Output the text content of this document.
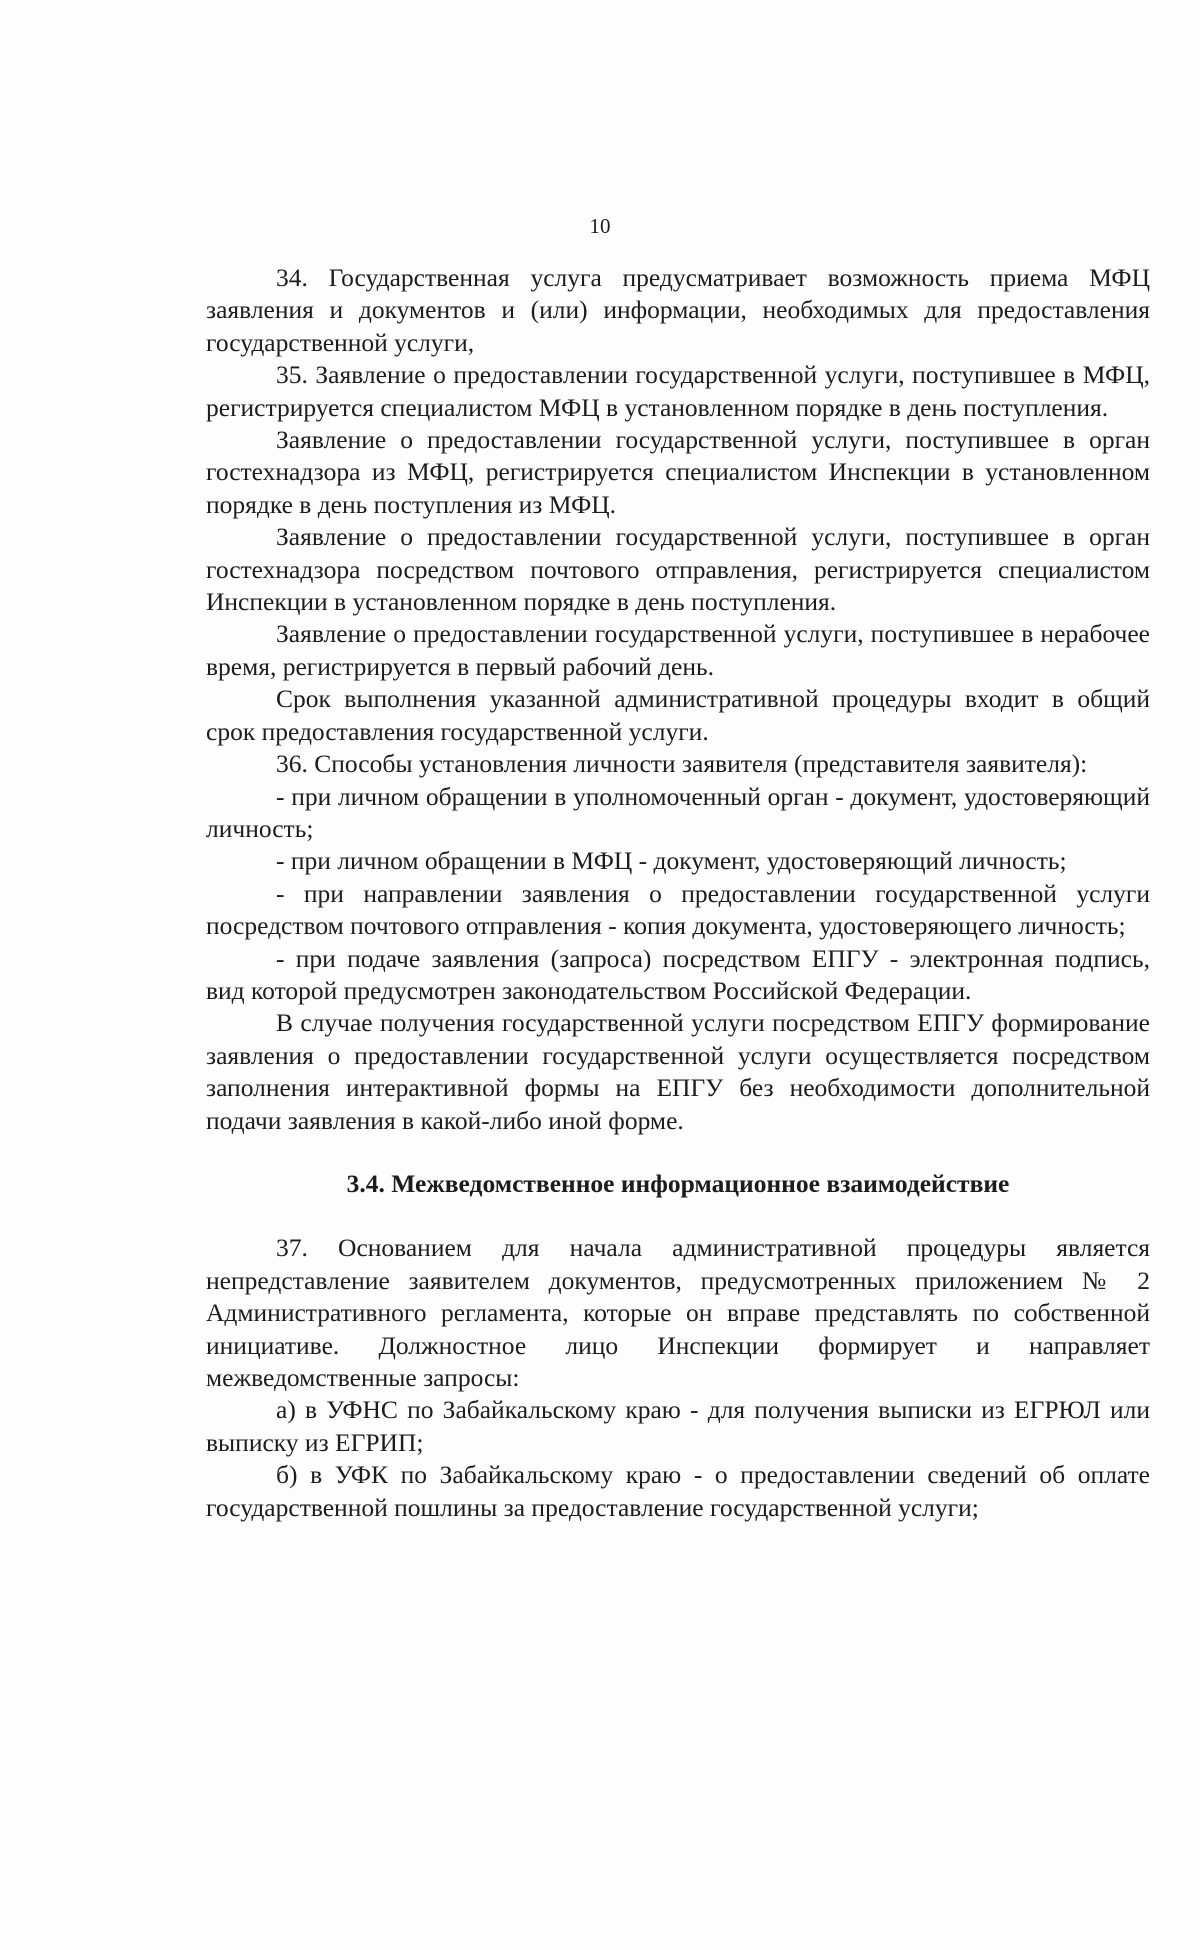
10

34. Государственная услуга предусматривает возможность приема МФЦ заявления и документов и (или) информации, необходимых для предоставления государственной услуги,

35. Заявление о предоставлении государственной услуги, поступившее в МФЦ, регистрируется специалистом МФЦ в установленном порядке в день поступления.

Заявление о предоставлении государственной услуги, поступившее в орган гостехнадзора из МФЦ, регистрируется специалистом Инспекции в установленном порядке в день поступления из МФЦ.

Заявление о предоставлении государственной услуги, поступившее в орган гостехнадзора посредством почтового отправления, регистрируется специалистом Инспекции в установленном порядке в день поступления.

Заявление о предоставлении государственной услуги, поступившее в нерабочее время, регистрируется в первый рабочий день.

Срок выполнения указанной административной процедуры входит в общий срок предоставления государственной услуги.

36. Способы установления личности заявителя (представителя заявителя):

- при личном обращении в уполномоченный орган - документ, удостоверяющий личность;

- при личном обращении в МФЦ - документ, удостоверяющий личность;

- при направлении заявления о предоставлении государственной услуги посредством почтового отправления - копия документа, удостоверяющего личность;

- при подаче заявления (запроса) посредством ЕПГУ - электронная подпись, вид которой предусмотрен законодательством Российской Федерации.

В случае получения государственной услуги посредством ЕПГУ формирование заявления о предоставлении государственной услуги осуществляется посредством заполнения интерактивной формы на ЕПГУ без необходимости дополнительной подачи заявления в какой-либо иной форме.

3.4. Межведомственное информационное взаимодействие

37. Основанием для начала административной процедуры является непредставление заявителем документов, предусмотренных приложением № 2 Административного регламента, которые он вправе представлять по собственной инициативе. Должностное лицо Инспекции формирует и направляет межведомственные запросы:

а) в УФНС по Забайкальскому краю - для получения выписки из ЕГРЮЛ или выписку из ЕГРИП;

б) в УФК по Забайкальскому краю - о предоставлении сведений об оплате государственной пошлины за предоставление государственной услуги;
